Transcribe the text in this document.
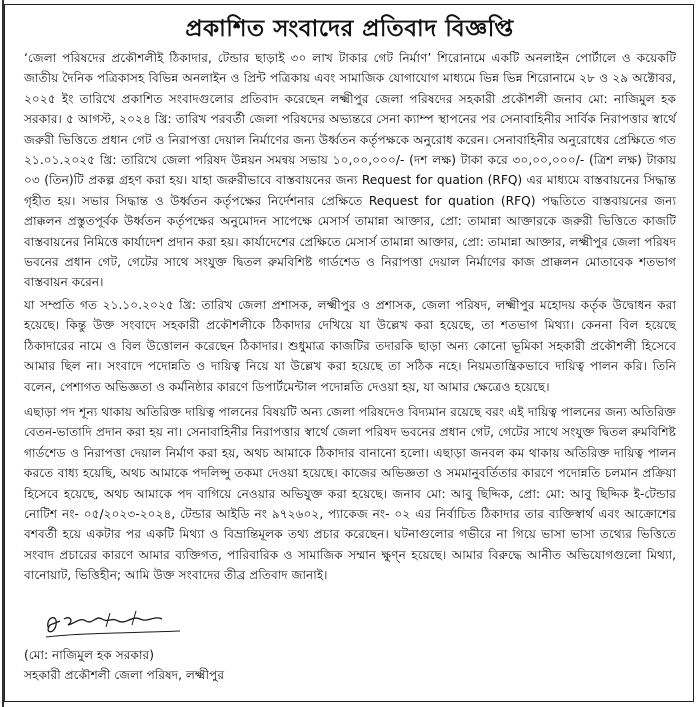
প্রকাশিত সংবাদের প্রতিবাদ বিজ্ঞপ্তি

‘জেলা পরিষদের প্রকৌশলীই ঠিকাদার, টেন্ডার ছাড়াই ৩০ লাখ টাকার গেট নির্মাণ’ শিরোনামে একটি অনলাইন পোর্টালে ও কয়েকটি জাতীয় দৈনিক পত্রিকাসহ বিভিন্ন অনলাইন ও প্রিন্ট পত্রিকায় এবং সামাজিক যোগাযোগ মাধ্যমে ভিন্ন ভিন্ন শিরোনামে ২৮ ও ২৯ অক্টোবর, ২০২৫ ইং তারিখে প্রকাশিত সংবাদগুলোর প্রতিবাদ করেছেন লক্ষ্মীপুর জেলা পরিষদের সহকারী প্রকৌশলী জনাব মো: নাজিমুল হক সরকার। ৫ আগস্ট, ২০২৪ খ্রি: তারিখ পরবর্তী জেলা পরিষদের অভ্যন্তরে সেনা ক্যাম্প স্থাপনের পর সেনাবাহিনীর সার্বিক নিরাপত্তার স্বার্থে জরুরী ভিত্তিতে প্রধান গেট ও নিরাপত্তা দেয়াল নির্মাণের জন্য উর্ধ্বতন কর্তৃপক্ষকে অনুরোধ করেন। সেনাবাহিনীর অনুরোধের প্রেক্ষিতে গত ২১.০১.২০২৫ খ্রি: তারিখে জেলা পরিষদ উন্নয়ন সমন্বয় সভায় ১০,০০,০০০/- (দশ লক্ষ) টাকা করে ৩০,০০,০০০/- (ত্রিশ লক্ষ) টাকায় ০৩ (তিন)টি প্রকল্প গ্রহণ করা হয়। যাহা জরুরীভাবে বাস্তবায়নের জন্য Request for quation (RFQ) এর মাধ্যমে বাস্তবায়নের সিদ্ধান্ত গৃহীত হয়। সভার সিদ্ধান্ত ও উর্ধ্বতন কর্তৃপক্ষের নির্দেশনার প্রেক্ষিতে Request for quation (RFQ) পদ্ধতিতে বাস্তবায়নের জন্য প্রাক্কলন প্রস্তুতপূর্বক উর্ধ্বতন কর্তৃপক্ষের অনুমোদন সাপেক্ষে মেসার্স তামান্না আক্তার, প্রো: তামান্না আক্তারকে জরুরী ভিত্তিতে কাজটি বাস্তবায়নের নিমিত্তে কার্যাদেশ প্রদান করা হয়। কার্যাদেশের প্রেক্ষিতে মেসার্স তামান্না আক্তার, প্রো: তামান্না আক্তার, লক্ষ্মীপুর জেলা পরিষদ ভবনের প্রধান গেট, গেটের সাথে সংযুক্ত দ্বিতল রুমবিশিষ্ট গার্ডশেড ও নিরাপত্তা দেয়াল নির্মাণের কাজ প্রাক্কলন মোতাবেক শতভাগ বাস্তবায়ন করেন।

যা সম্প্রতি গত ২১.১০.২০২৫ খ্রি: তারিখ জেলা প্রশাসক, লক্ষ্মীপুর ও প্রশাসক, জেলা পরিষদ, লক্ষ্মীপুর মহোদয় কর্তৃক উদ্বোধন করা হয়েছে। কিন্তু উক্ত সংবাদে সহকারী প্রকৌশলীকে ঠিকাদার দেখিয়ে যা উল্লেখ করা হয়েছে, তা শতভাগ মিথ্যা। কেননা বিল হয়েছে ঠিকাদারের নামে ও বিল উত্তোলন করেছেন ঠিকাদার। শুধুমাত্র কাজটির তদারকি ছাড়া অন্য কোনো ভূমিকা সহকারী প্রকৌশলী হিসেবে আমার ছিল না। সংবাদে পদোন্নতি ও দায়িত্ব নিয়ে যা উল্লেখ করা হয়েছে তা সঠিক নহে। নিয়মতান্ত্রিকভাবে দায়িত্ব পালন করি। তিনি বলেন, পেশাগত অভিজ্ঞতা ও কর্মনিষ্ঠার কারণে ডিপার্টমেন্টাল পদোন্নতি দেওয়া হয়, যা আমার ক্ষেত্রেও হয়েছে।

এছাড়া পদ শূন্য থাকায় অতিরিক্ত দায়িত্ব পালনের বিষয়টি অন্য জেলা পরিষদেও বিদ্যমান রয়েছে বরং এই দায়িত্ব পালনের জন্য অতিরিক্ত বেতন-ভাতাদি প্রদান করা হয় না। সেনাবাহিনীর নিরাপত্তার স্বার্থে জেলা পরিষদ ভবনের প্রধান গেট, গেটের সাথে সংযুক্ত দ্বিতল রুমবিশিষ্ট গার্ডশেড ও নিরাপত্তা দেয়াল নির্মাণ করা হয়, অথচ আমাকে ঠিকাদার বানানো হলো। এছাড়া জনবল কম থাকায় অতিরিক্ত দায়িত্ব পালন করতে বাধ্য হয়েছি, অথচ আমাকে পদলিপ্সু তকমা দেওয়া হয়েছে। কাজের অভিজ্ঞতা ও সমমানুবর্তিতার কারণে পদোন্নতি চলমান প্রক্রিয়া হিসেবে হয়েছে, অথচ আমাকে পদ বাগিয়ে নেওয়ার অভিযুক্ত করা হয়েছে। জনাব মো: আবু ছিদ্দিক, প্রো: মো: আবু ছিদ্দিক ই-টেন্ডার নোটিশ নং- ০৫/২০২৩-২০২৪, টেন্ডার আইডি নং ৯৭২৬০২, প্যাকেজ নং- ০২ এর নির্বাচিত ঠিকাদার তার ব্যক্তিস্বার্থ এবং আক্রোশের বশবর্তী হয়ে একটার পর একটি মিথ্যা ও বিভ্রান্তিমূলক তথ্য প্রচার করেছেন। ঘটনাগুলোর গভীরে না গিয়ে ভাসা ভাসা তথ্যের ভিত্তিতে সংবাদ প্রচারের কারণে আমার ব্যক্তিগত, পারিবারিক ও সামাজিক সম্মান ক্ষুণ্ন হয়েছে। আমার বিরুদ্ধে আনীত অভিযোগগুলো মিথ্যা, বানোয়াট, ভিত্তিহীন; আমি উক্ত সংবাদের তীব্র প্রতিবাদ জানাই।

(মো: নাজিমুল হক সরকার)
সহকারী প্রকৌশলী জেলা পরিষদ, লক্ষ্মীপুর
